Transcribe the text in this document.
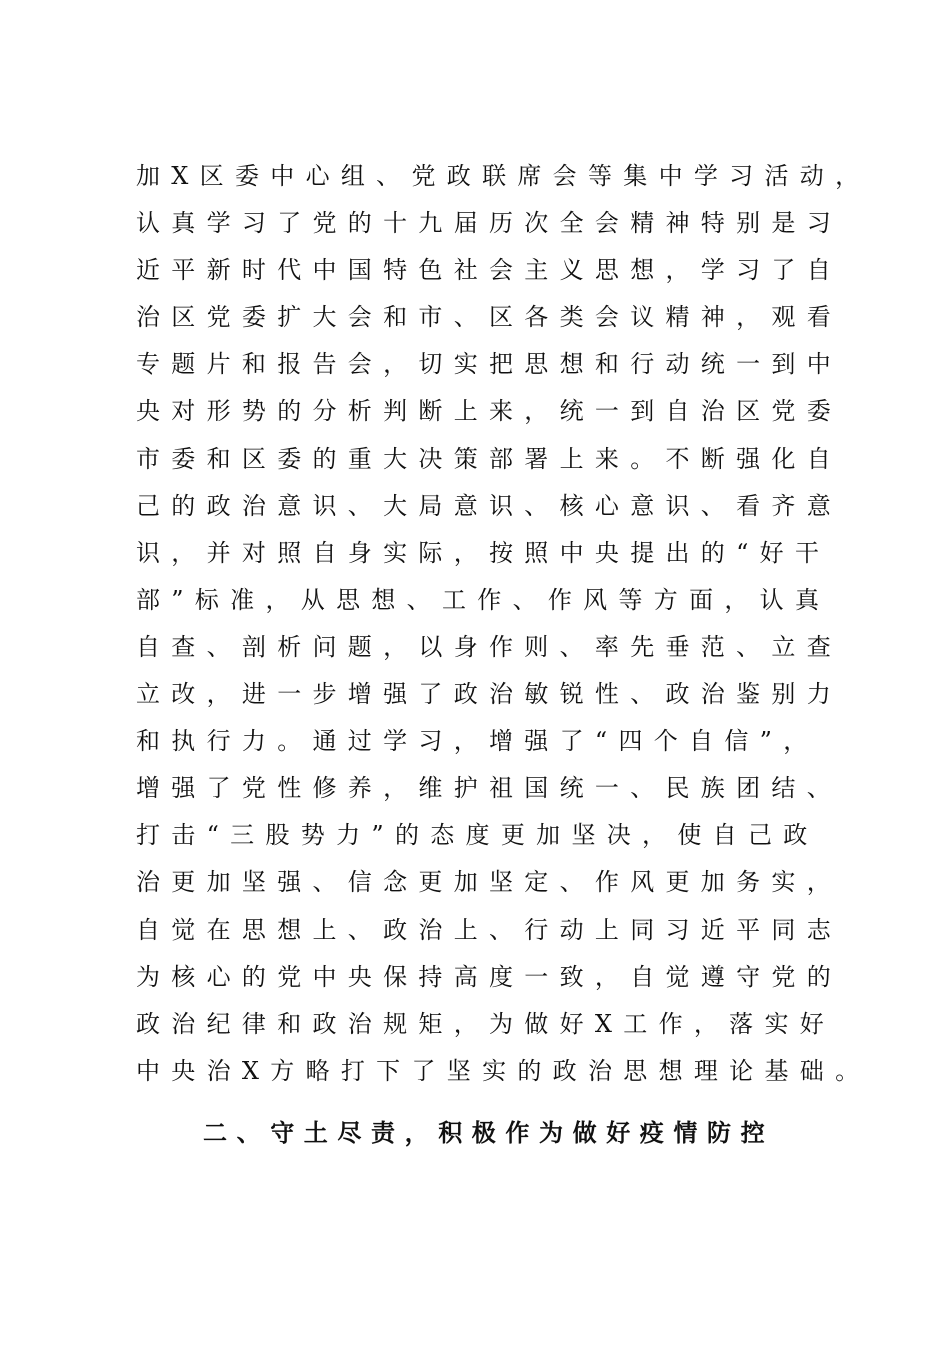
加X区委中心组、党政联席会等集中学习活动，
认真学习了党的十九届历次全会精神特别是习
近平新时代中国特色社会主义思想，学习了自
治区党委扩大会和市、区各类会议精神，观看
专题片和报告会，切实把思想和行动统一到中
央对形势的分析判断上来，统一到自治区党委
市委和区委的重大决策部署上来。不断强化自
己的政治意识、大局意识、核心意识、看齐意
识，并对照自身实际，按照中央提出的“好干
部”标准，从思想、工作、作风等方面，认真
自查、剖析问题，以身作则、率先垂范、立查
立改，进一步增强了政治敏锐性、政治鉴别力
和执行力。通过学习，增强了“四个自信”，
增强了党性修养，维护祖国统一、民族团结、
打击“三股势力”的态度更加坚决，使自己政
治更加坚强、信念更加坚定、作风更加务实，
自觉在思想上、政治上、行动上同习近平同志
为核心的党中央保持高度一致，自觉遵守党的
政治纪律和政治规矩，为做好X工作，落实好
中央治X方略打下了坚实的政治思想理论基础。
二、守土尽责，积极作为做好疫情防控
